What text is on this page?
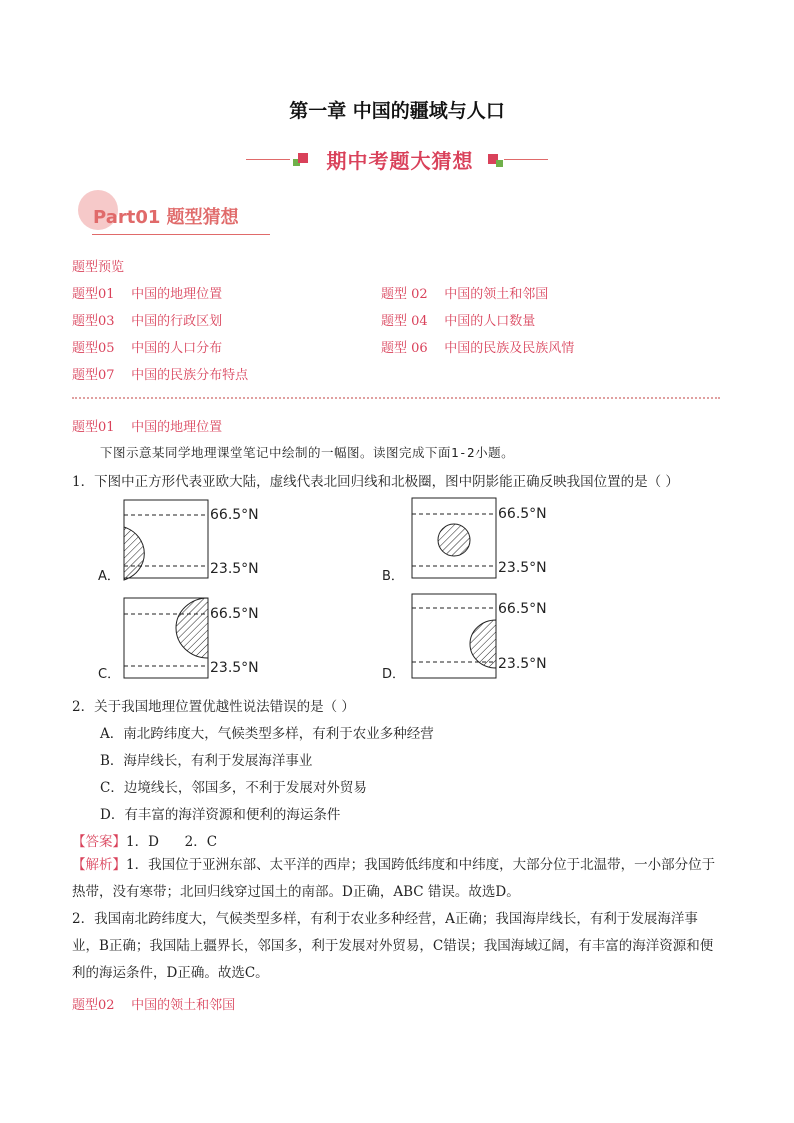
第一章 中国的疆域与人口
期中考题大猜想
Part01 题型猜想
题型预览
题型01 中国的地理位置	题型 02 中国的领土和邻国
题型03 中国的行政区划	题型 04 中国的人口数量
题型05 中国的人口分布	题型 06 中国的民族及民族风情
题型07 中国的民族分布特点
题型01 中国的地理位置
下图示意某同学地理课堂笔记中绘制的一幅图。读图完成下面1-2小题。
1．下图中正方形代表亚欧大陆，虚线代表北回归线和北极圈，图中阴影能正确反映我国位置的是（ ）
66.5°N
23.5°N
A．
66.5°N
23.5°N
B．
66.5°N
23.5°N
C．
66.5°N
23.5°N
D．
2．关于我国地理位置优越性说法错误的是（ ）
A．南北跨纬度大，气候类型多样，有利于农业多种经营
B．海岸线长，有利于发展海洋事业
C．边境线长，邻国多，不利于发展对外贸易
D．有丰富的海洋资源和便利的海运条件
【答案】1．D      2．C
【解析】1．我国位于亚洲东部、太平洋的西岸；我国跨低纬度和中纬度，大部分位于北温带，一小部分位于热带，没有寒带；北回归线穿过国土的南部。D正确，ABC 错误。故选D。
2．我国南北跨纬度大，气候类型多样，有利于农业多种经营，A正确；我国海岸线长，有利于发展海洋事业，B正确；我国陆上疆界长，邻国多，利于发展对外贸易，C错误；我国海域辽阔，有丰富的海洋资源和便利的海运条件，D正确。故选C。
题型02 中国的领土和邻国
